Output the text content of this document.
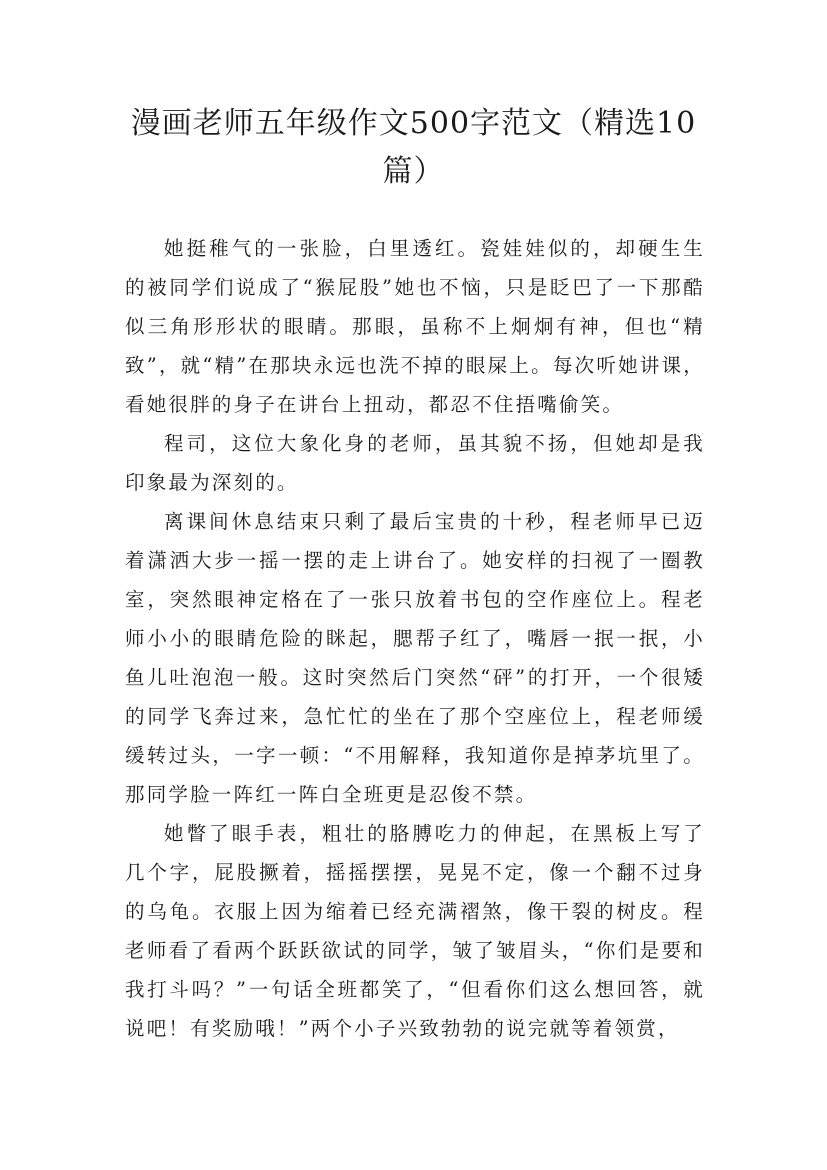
漫画老师五年级作文500字范文（精选10篇）

她挺稚气的一张脸，白里透红。瓷娃娃似的，却硬生生的被同学们说成了“猴屁股”她也不恼，只是眨巴了一下那酷似三角形形状的眼睛。那眼，虽称不上炯炯有神，但也“精致”，就“精”在那块永远也洗不掉的眼屎上。每次听她讲课，看她很胖的身子在讲台上扭动，都忍不住捂嘴偷笑。

程司，这位大象化身的老师，虽其貌不扬，但她却是我印象最为深刻的。

离课间休息结束只剩了最后宝贵的十秒，程老师早已迈着潇洒大步一摇一摆的走上讲台了。她安样的扫视了一圈教室，突然眼神定格在了一张只放着书包的空作座位上。程老师小小的眼睛危险的眯起，腮帮子红了，嘴唇一抿一抿，小鱼儿吐泡泡一般。这时突然后门突然“砰”的打开，一个很矮的同学飞奔过来，急忙忙的坐在了那个空座位上，程老师缓缓转过头，一字一顿：“不用解释，我知道你是掉茅坑里了。那同学脸一阵红一阵白全班更是忍俊不禁。

她瞥了眼手表，粗壮的胳膊吃力的伸起，在黑板上写了几个字，屁股撅着，摇摇摆摆，晃晃不定，像一个翻不过身的乌龟。衣服上因为缩着已经充满褶煞，像干裂的树皮。程老师看了看两个跃跃欲试的同学，皱了皱眉头，“你们是要和我打斗吗？”一句话全班都笑了，“但看你们这么想回答，就说吧！有奖励哦！”两个小子兴致勃勃的说完就等着领赏，
